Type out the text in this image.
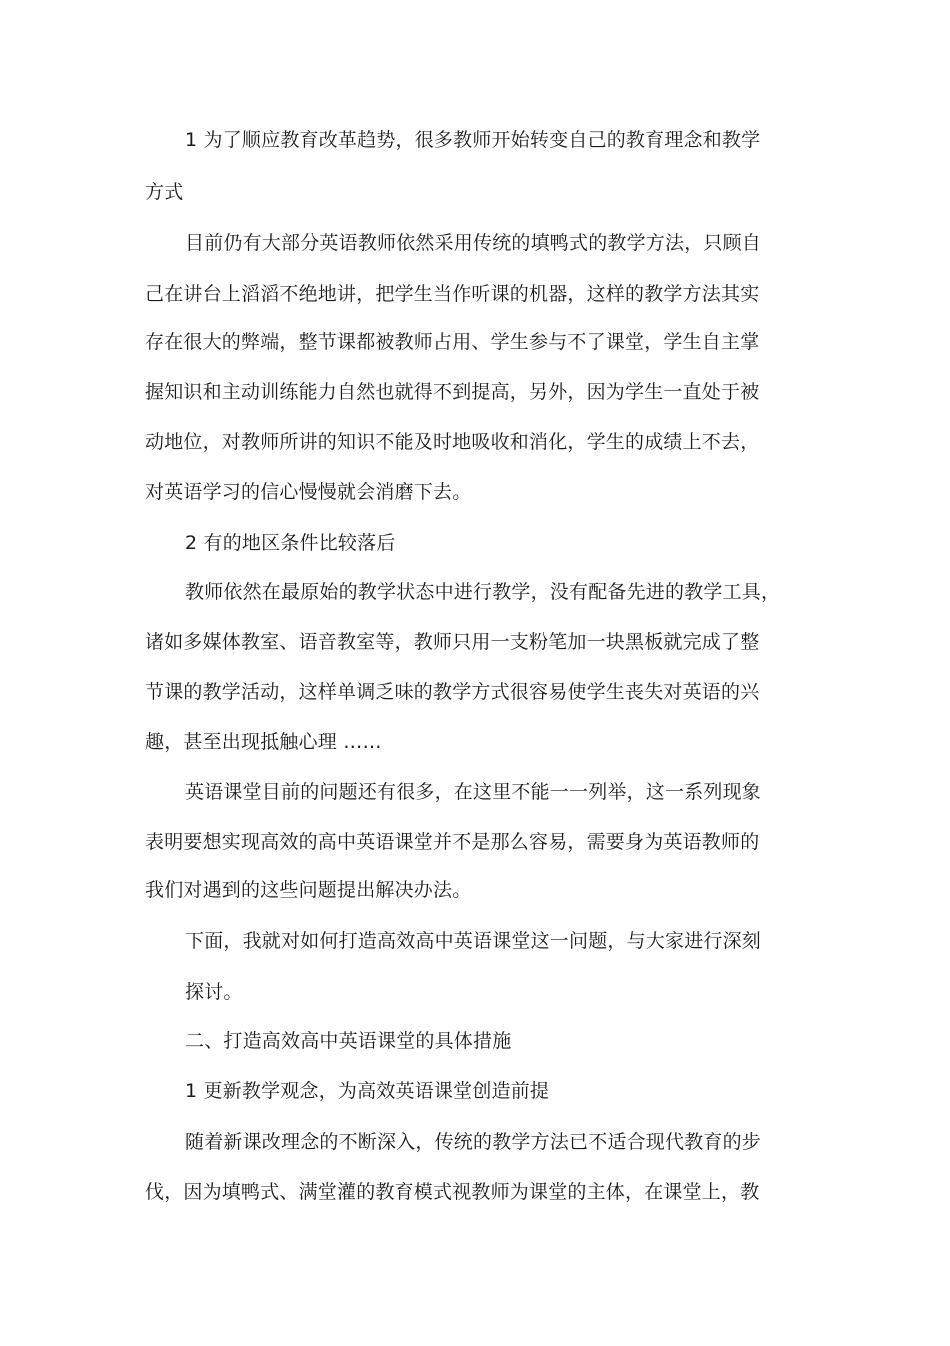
1 为了顺应教育改革趋势，很多教师开始转变自己的教育理念和教学
方式
目前仍有大部分英语教师依然采用传统的填鸭式的教学方法，只顾自
己在讲台上滔滔不绝地讲，把学生当作听课的机器，这样的教学方法其实
存在很大的弊端，整节课都被教师占用、学生参与不了课堂，学生自主掌
握知识和主动训练能力自然也就得不到提高，另外，因为学生一直处于被
动地位，对教师所讲的知识不能及时地吸收和消化，学生的成绩上不去，
对英语学习的信心慢慢就会消磨下去。
2 有的地区条件比较落后
教师依然在最原始的教学状态中进行教学，没有配备先进的教学工具，
诸如多媒体教室、语音教室等，教师只用一支粉笔加一块黑板就完成了整
节课的教学活动，这样单调乏味的教学方式很容易使学生丧失对英语的兴
趣，甚至出现抵触心理 ……
英语课堂目前的问题还有很多，在这里不能一一列举，这一系列现象
表明要想实现高效的高中英语课堂并不是那么容易，需要身为英语教师的
我们对遇到的这些问题提出解决办法。
下面，我就对如何打造高效高中英语课堂这一问题，与大家进行深刻
探讨。
二、打造高效高中英语课堂的具体措施
1 更新教学观念，为高效英语课堂创造前提
随着新课改理念的不断深入，传统的教学方法已不适合现代教育的步
伐，因为填鸭式、满堂灌的教育模式视教师为课堂的主体，在课堂上，教
